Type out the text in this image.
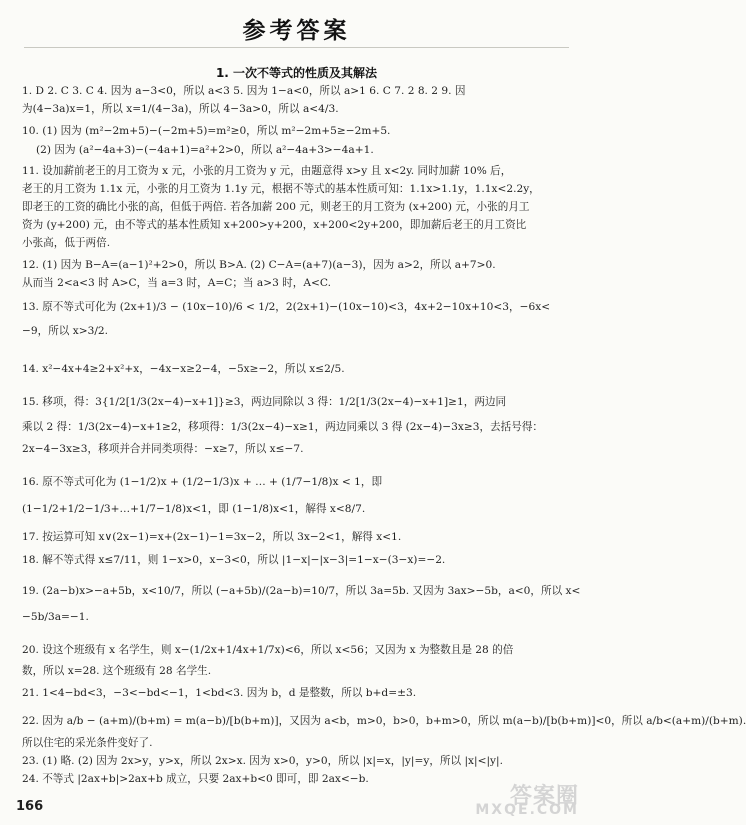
参考答案
1. 一次不等式的性质及其解法
1. D 2. C 3. C 4. 因为 a−3<0，所以 a<3 5. 因为 1−a<0，所以 a>1 6. C 7. 2 8. 2 9. 因
为(4−3a)x=1，所以 x=1/(4−3a)，所以 4−3a>0，所以 a<4/3.
10. (1) 因为 (m²−2m+5)−(−2m+5)=m²≥0，所以 m²−2m+5≥−2m+5.
(2) 因为 (a²−4a+3)−(−4a+1)=a²+2>0，所以 a²−4a+3>−4a+1.
11. 设加薪前老王的月工资为 x 元，小张的月工资为 y 元，由题意得 x>y 且 x<2y. 同时加薪 10% 后，
老王的月工资为 1.1x 元，小张的月工资为 1.1y 元，根据不等式的基本性质可知：1.1x>1.1y，1.1x<2.2y，
即老王的工资的确比小张的高，但低于两倍. 若各加薪 200 元，则老王的月工资为 (x+200) 元，小张的月工
资为 (y+200) 元，由不等式的基本性质知 x+200>y+200，x+200<2y+200，即加薪后老王的月工资比
小张高，低于两倍.
12. (1) 因为 B−A=(a−1)²+2>0，所以 B>A. (2) C−A=(a+7)(a−3)，因为 a>2，所以 a+7>0.
从而当 2<a<3 时 A>C，当 a=3 时，A=C；当 a>3 时，A<C.
13. 原不等式可化为 (2x+1)/3 − (10x−10)/6 < 1/2，2(2x+1)−(10x−10)<3，4x+2−10x+10<3，−6x<
−9，所以 x>3/2.
14. x²−4x+4≥2+x²+x，−4x−x≥2−4，−5x≥−2，所以 x≤2/5.
15. 移项，得：3{1/2[1/3(2x−4)−x+1]}≥3，两边同除以 3 得：1/2[1/3(2x−4)−x+1]≥1，两边同
乘以 2 得：1/3(2x−4)−x+1≥2，移项得：1/3(2x−4)−x≥1，两边同乘以 3 得 (2x−4)−3x≥3，去括号得：
2x−4−3x≥3，移项并合并同类项得：−x≥7，所以 x≤−7.
16. 原不等式可化为 (1−1/2)x + (1/2−1/3)x + … + (1/7−1/8)x < 1，即
(1−1/2+1/2−1/3+…+1/7−1/8)x<1，即 (1−1/8)x<1，解得 x<8/7.
17. 按运算可知 x∨(2x−1)=x+(2x−1)−1=3x−2，所以 3x−2<1，解得 x<1.
18. 解不等式得 x≤7/11，则 1−x>0，x−3<0，所以 |1−x|−|x−3|=1−x−(3−x)=−2.
19. (2a−b)x>−a+5b，x<10/7，所以 (−a+5b)/(2a−b)=10/7，所以 3a=5b. 又因为 3ax>−5b，a<0，所以 x<
−5b/3a=−1.
20. 设这个班级有 x 名学生，则 x−(1/2x+1/4x+1/7x)<6，所以 x<56；又因为 x 为整数且是 28 的倍
数，所以 x=28. 这个班级有 28 名学生.
21. 1<4−bd<3，−3<−bd<−1，1<bd<3. 因为 b，d 是整数，所以 b+d=±3.
22. 因为 a/b − (a+m)/(b+m) = m(a−b)/[b(b+m)]，又因为 a<b，m>0，b>0，b+m>0，所以 m(a−b)/[b(b+m)]<0，所以 a/b<(a+m)/(b+m).
所以住宅的采光条件变好了.
23. (1) 略. (2) 因为 2x>y，y>x，所以 2x>x. 因为 x>0，y>0，所以 |x|=x，|y|=y，所以 |x|<|y|.
24. 不等式 |2ax+b|>2ax+b 成立，只要 2ax+b<0 即可，即 2ax<−b.
166	答案圈
MXQE.COM
